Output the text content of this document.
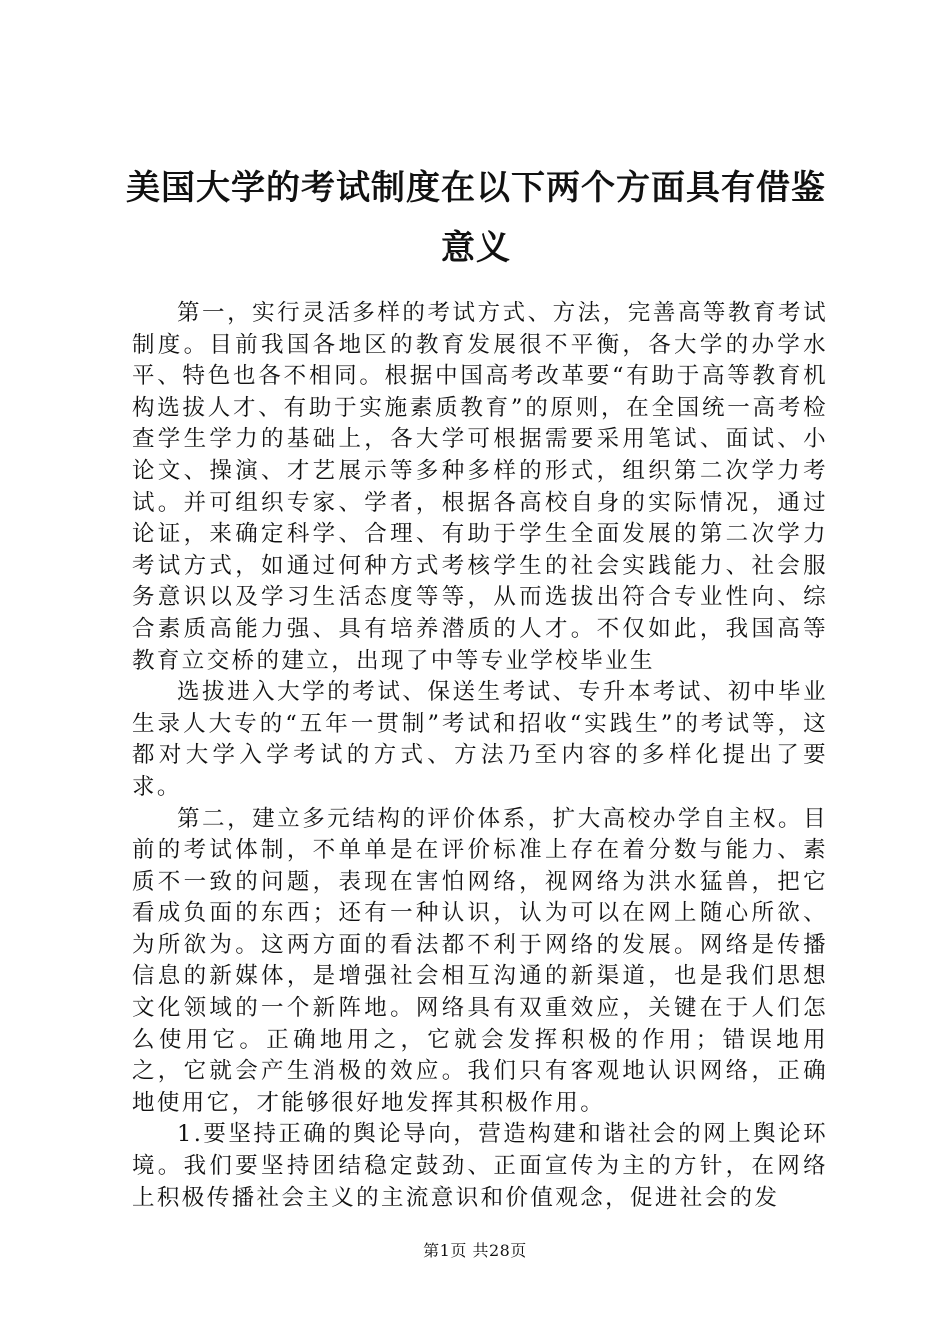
美国大学的考试制度在以下两个方面具有借鉴意义

第一，实行灵活多样的考试方式、方法，完善高等教育考试制度。目前我国各地区的教育发展很不平衡，各大学的办学水平、特色也各不相同。根据中国高考改革要“有助于高等教育机构选拔人才、有助于实施素质教育”的原则，在全国统一高考检查学生学力的基础上，各大学可根据需要采用笔试、面试、小论文、操演、才艺展示等多种多样的形式，组织第二次学力考试。并可组织专家、学者，根据各高校自身的实际情况，通过论证，来确定科学、合理、有助于学生全面发展的第二次学力考试方式，如通过何种方式考核学生的社会实践能力、社会服务意识以及学习生活态度等等，从而选拔出符合专业性向、综合素质高能力强、具有培养潜质的人才。不仅如此，我国高等教育立交桥的建立，出现了中等专业学校毕业生

选拔进入大学的考试、保送生考试、专升本考试、初中毕业生录人大专的“五年一贯制”考试和招收“实践生”的考试等，这都对大学入学考试的方式、方法乃至内容的多样化提出了要求。

第二，建立多元结构的评价体系，扩大高校办学自主权。目前的考试体制，不单单是在评价标准上存在着分数与能力、素质不一致的问题，表现在害怕网络，视网络为洪水猛兽，把它看成负面的东西；还有一种认识，认为可以在网上随心所欲、为所欲为。这两方面的看法都不利于网络的发展。网络是传播信息的新媒体，是增强社会相互沟通的新渠道，也是我们思想文化领域的一个新阵地。网络具有双重效应，关键在于人们怎么使用它。正确地用之，它就会发挥积极的作用；错误地用之，它就会产生消极的效应。我们只有客观地认识网络，正确地使用它，才能够很好地发挥其积极作用。

1.要坚持正确的舆论导向，营造构建和谐社会的网上舆论环境。我们要坚持团结稳定鼓劲、正面宣传为主的方针，在网络上积极传播社会主义的主流意识和价值观念，促进社会的发

第1页 共28页
